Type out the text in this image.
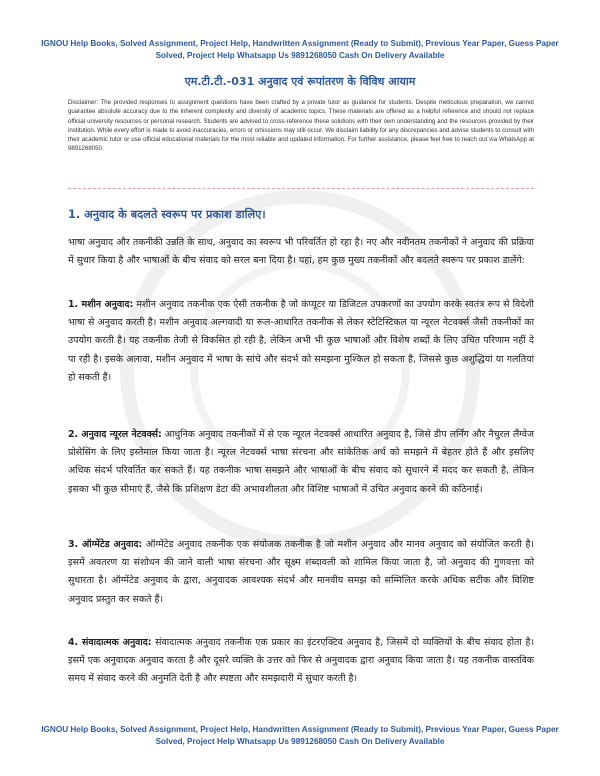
IGNOU Help Books, Solved Assignment, Project Help, Handwritten Assignment (Ready to Submit), Previous Year Paper, Guess Paper Solved, Project Help Whatsapp Us 9891268050 Cash On Delivery Available
एम.टी.टी.-031 अनुवाद एवं रूपांतरण के विविध आयाम
Disclaimer: The provided responses to assignment questions have been crafted by a private tutor as guidance for students. Despite meticulous preparation, we cannot guarantee absolute accuracy due to the inherent complexity and diversity of academic topics. These materials are offered as a helpful reference and should not replace official university resources or personal research. Students are advised to cross-reference these solutions with their own understanding and the resources provided by their institution. While every effort is made to avoid inaccuracies, errors or omissions may still occur. We disclaim liability for any discrepancies and advise students to consult with their academic tutor or use official educational materials for the most reliable and updated information. For further assistance, please feel free to reach out via WhatsApp at 9891268050.
1. अनुवाद के बदलते स्वरूप पर प्रकाश डालिए।

भाषा अनुवाद और तकनीकी उन्नति के साथ, अनुवाद का स्वरूप भी परिवर्तित हो रहा है। नए और नवीनतम तकनीकों ने अनुवाद की प्रक्रिया में सुधार किया है और भाषाओं के बीच संवाद को सरल बना दिया है। यहां, हम कुछ मुख्य तकनीकों और बदलते स्वरूप पर प्रकाश डालेंगे:

1. मशीन अनुवाद: मशीन अनुवाद तकनीक एक ऐसी तकनीक है जो कंप्यूटर या डिजिटल उपकरणों का उपयोग करके स्वतंत्र रूप से विदेशी भाषा से अनुवाद करती है। मशीन अनुवाद अल्गवादी या रूल-आधारित तकनीक से लेकर स्टेटिस्टिकल या न्यूरल नेटवर्क्स जैसी तकनीकों का उपयोग करती है। यह तकनीक तेजी से विकसित हो रही है, लेकिन अभी भी कुछ भाषाओं और विशेष शब्दों के लिए उचित परिणाम नहीं दे पा रही है। इसके अलावा, मशीन अनुवाद में भाषा के सांचे और संदर्भ को समझना मुश्किल हो सकता है, जिससे कुछ अशुद्धियां या गलतियां हो सकती हैं।

2. अनुवाद न्यूरल नेटवर्क्स: आधुनिक अनुवाद तकनीकों में से एक न्यूरल नेटवर्क्स आधारित अनुवाद है, जिसे डीप लर्निंग और नैचुरल लैंग्वेज प्रोसेसिंग के लिए इस्तेमाल किया जाता है। न्यूरल नेटवर्क्स भाषा संरचना और सांकेतिक अर्थ को समझने में बेहतर होते हैं और इसलिए अधिक संदर्भ परिवर्तित कर सकते हैं। यह तकनीक भाषा समझने और भाषाओं के बीच संवाद को सुधारने में मदद कर सकती है, लेकिन इसका भी कुछ सीमाएं हैं, जैसे कि प्रशिक्षण डेटा की अभावशीलता और विशिष्ट भाषाओं में उचित अनुवाद करने की कठिनाई।

3. ऑग्मेंटेड अनुवाद: ऑग्मेंटेड अनुवाद तकनीक एक संयोजक तकनीक है जो मशीन अनुवाद और मानव अनुवाद को संयोजित करती है। इसमें अवतरण या संशोधन की जाने वाली भाषा संरचना और सूक्ष्म शब्दावली को शामिल किया जाता है, जो अनुवाद की गुणवत्ता को सुधारता है। ऑग्मेंटेड अनुवाद के द्वारा, अनुवादक आवश्यक संदर्भ और मानवीय समझ को सम्मिलित करके अधिक सटीक और विशिष्ट अनुवाद प्रस्तुत कर सकते हैं।

4. संवादात्मक अनुवाद: संवादात्मक अनुवाद तकनीक एक प्रकार का इंटरएक्टिव अनुवाद है, जिसमें दो व्यक्तियों के बीच संवाद होता है। इसमें एक अनुवादक अनुवाद करता है और दूसरे व्यक्ति के उत्तर को फिर से अनुवादक द्वारा अनुवाद किया जाता है। यह तकनीक वास्तविक समय में संवाद करने की अनुमति देती है और स्पष्टता और समझदारी में सुधार करती है।

IGNOU Help Books, Solved Assignment, Project Help, Handwritten Assignment (Ready to Submit), Previous Year Paper, Guess Paper Solved, Project Help Whatsapp Us 9891268050 Cash On Delivery Available
